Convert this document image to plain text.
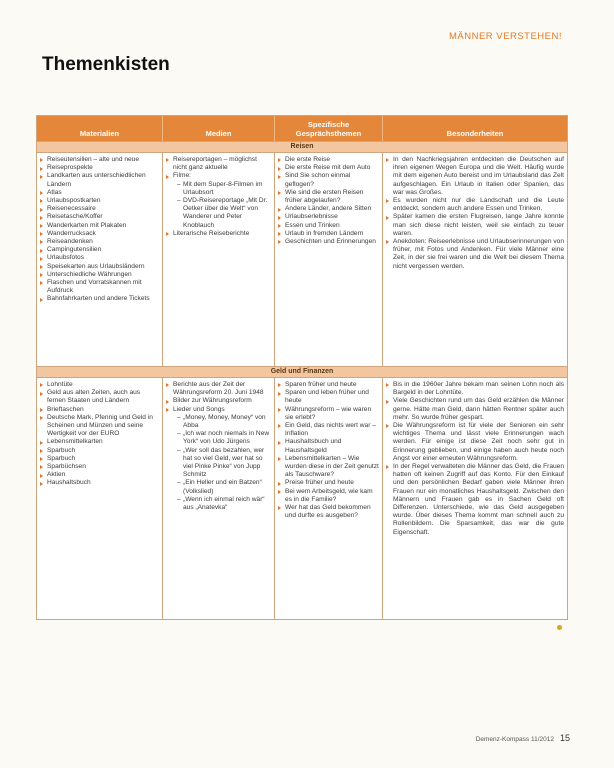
MÄNNER VERSTEHEN!
Themenkisten
Materialien	Medien
Spezifische Gesprächsthemen	Besonderheiten
Reisen
Reiseutensilien – alte und neue
Reiseprospekte
Landkarten aus unterschiedlichen Ländern
Atlas
Urlaubspostkarten
Reisenecessaire
Reisetasche/Koffer
Wanderkarten mit Plakaten
Wanderrucksack
Reiseandenken
Campingutensilien
Urlaubsfotos
Speisekarten aus Urlaubsländern
Unterschiedliche Währungen
Flaschen und Vorratskannen mit Aufdruck
Bahnfahrkarten und andere Tickets
Reisereportagen – möglichst nicht ganz aktuelle
Filme:
– Mit dem Super-8-Filmen im Urlaubsort
– DVD-Reisereportage „Mit Dr. Oetker über die Welt“ von Wanderer und Peter Knoblauch
Literarische Reiseberichte
Die erste Reise
Die erste Reise mit dem Auto
Sind Sie schon einmal geflogen?
Wie sind die ersten Reisen früher abgelaufen?
Andere Länder, andere Sitten
Urlaubserlebnisse
Essen und Trinken
Urlaub in fremden Ländern
Geschichten und Erinnerungen
In den Nachkriegsjahren entdeckten die Deutschen auf ihren eigenen Wegen Europa und die Welt. Häufig wurde mit dem eigenen Auto bereist und im Urlaubsland das Zelt aufgeschlagen. Ein Urlaub in Italien oder Spanien, das war was Großes.
Es wurden nicht nur die Landschaft und die Leute entdeckt, sondern auch andere Essen und Trinken.
Später kamen die ersten Flugreisen, lange Jahre konnte man sich diese nicht leisten, weil sie einfach zu teuer waren.
Anekdoten: Reiseerlebnisse und Urlaubserinnerungen von früher, mit Fotos und Andenken. Für viele Männer eine Zeit, in der sie frei waren und die Welt bei diesem Thema nicht vergessen werden.
Geld und Finanzen
Lohntüte
Geld aus alten Zeiten, auch aus fernen Staaten und Ländern
Brieftaschen
Deutsche Mark, Pfennig und Geld in Scheinen und Münzen und seine Wertigkeit vor der EURO
Lebensmittelkarten
Sparbuch
Sparbuch
Sparbüchsen
Aktien
Haushaltsbuch
Berichte aus der Zeit der Währungsreform 20. Juni 1948
Bilder zur Währungsreform
Lieder und Songs
– „Money, Money, Money“ von Abba
– „Ich war noch niemals in New York“ von Udo Jürgens
– „Wer soll das bezahlen, wer hat so viel Geld, wer hat so viel Pinke Pinke“ von Jupp Schmitz
– „Ein Heller und ein Batzen“ (Volkslied)
– „Wenn ich einmal reich wär“ aus „Anatevka“
Sparen früher und heute
Sparen und leben früher und heute
Währungsreform – wie waren sie erlebt?
Ein Geld, das nichts wert war – Inflation
Haushaltsbuch und Haushaltsgeld
Lebensmittelkarten – Wie wurden diese in der Zeit genutzt als Tauschware?
Preise früher und heute
Bei wem Arbeitsgeld, wie kam es in die Familie?
Wer hat das Geld bekommen und durfte es ausgeben?
Bis in die 1960er Jahre bekam man seinen Lohn noch als Bargeld in der Lohntüte.
Viele Geschichten rund um das Geld erzählen die Männer gerne. Hätte man Geld, dann hätten Rentner später auch mehr. So wurde früher gespart.
Die Währungsreform ist für viele der Senioren ein sehr wichtiges Thema und lässt viele Erinnerungen wach werden. Für einige ist diese Zeit noch sehr gut in Erinnerung geblieben, und einige haben auch heute noch Angst vor einer erneuten Währungsreform.
In der Regel verwalteten die Männer das Geld, die Frauen hatten oft keinen Zugriff auf das Konto. Für den Einkauf und den persönlichen Bedarf gaben viele Männer ihren Frauen nur ein monatliches Haushaltsgeld. Zwischen den Männern und Frauen gab es in Sachen Geld oft Differenzen. Unterschiede, wie das Geld ausgegeben wurde. Über dieses Thema kommt man schnell auch zu Rollenbildern. Die Sparsamkeit, das war die gute Eigenschaft.
Demenz-Kompass 11/2012 15
